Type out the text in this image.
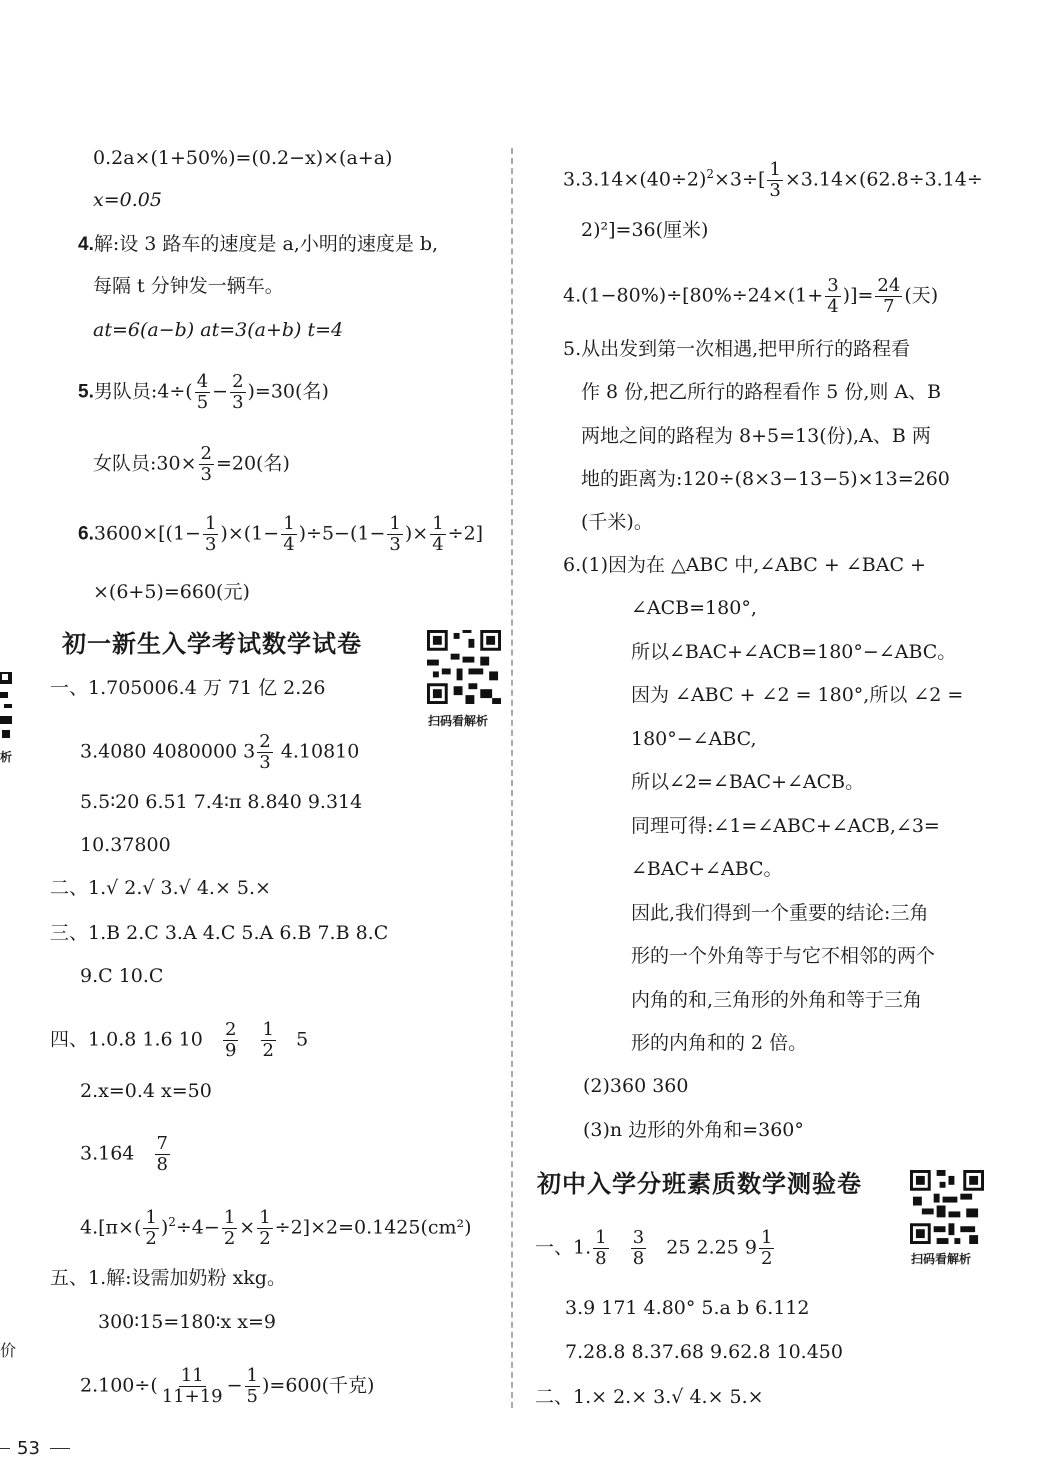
0.2a×(1+50%)=(0.2−x)×(a+a)
x=0.05
4.解:设 3 路车的速度是 a,小明的速度是 b,
每隔 t 分钟发一辆车。
at=6(a−b) at=3(a+b) t=4
5.男队员:4÷( $\frac{4}{5} - \frac{2}{3} )=30$(名)
女队员:30× $\frac{2}{3} =20$(名)
$6.3600\times[(1- \frac{1}{3} )\times(1- \frac{1}{4} )\div 5-(1- \frac{1}{3}$ )× $\frac{1}{4} \div 2$]
×(6+5)=660(元)
初一新生入学考试数学试卷
扫码看解析
一、1.705006.4 万 71 亿 2.26
3.4080 4080000 $3 \frac{2}{3} 4.10810$
5.5∶20 6.51 7.4∶π 8.840 9.314
10.37800
二、1.√ 2.√ 3.√ 4.× 5.×
三、1.B 2.C 3.A 4.C 5.A 6.B 7.B 8.C
9.C 10.C
四、1.0.8 1.6 $10 \frac{2}{9}$
$\frac{1}{2} 5$
2.x=0.4 x=50
$3.164 \frac{7}{8}$
$4.[\pi\times( \frac{1}{2} )^2\div 4- \frac{1}{2} \times \frac{1}{2} \div 2]\times 2=0.1425(cm^2)$
五、1.解:设需加奶粉 xkg。
300∶15=180∶x x=9
$2.100\div( \frac{11}{11+19} - \frac{1}{5} )=600$(千克)
53
析
价
$3.3.14\times(40\div 2)^2\times 3\div[ \frac{1}{3} \times 3.14\times(62.8\div 3.14\div$
2)²]=36(厘米)
$4.(1-80\%)\div[80\%\div 24\times(1+ \frac{3}{4}$ )]= $\frac{24}{7}$ (天)
5.从出发到第一次相遇,把甲所行的路程看
作 8 份,把乙所行的路程看作 5 份,则 A、B
两地之间的路程为 8+5=13(份),A、B 两
地的距离为:120÷(8×3−13−5)×13=260
(千米)。
6.(1)因为在 △ABC 中,∠ABC + ∠BAC +
∠ACB=180°,
所以∠BAC+∠ACB=180°−∠ABC。
因为 ∠ABC + ∠2 = 180°,所以 ∠2 =
180°−∠ABC,
所以∠2=∠BAC+∠ACB。
同理可得:∠1=∠ABC+∠ACB,∠3=
∠BAC+∠ABC。
因此,我们得到一个重要的结论:三角
形的一个外角等于与它不相邻的两个
内角的和,三角形的外角和等于三角
形的内角和的 2 倍。
(2)360 360
(3)n 边形的外角和=360°
初中入学分班素质数学测验卷
扫码看解析
一、1. $\frac{1}{8}$
$\frac{3}{8} 25$ 2.25 $9 \frac{1}{2}$
3.9 171 4.80° 5.a b 6.112
7.28.8 8.37.68 9.62.8 10.450
二、1.× 2.× 3.√ 4.× 5.×
